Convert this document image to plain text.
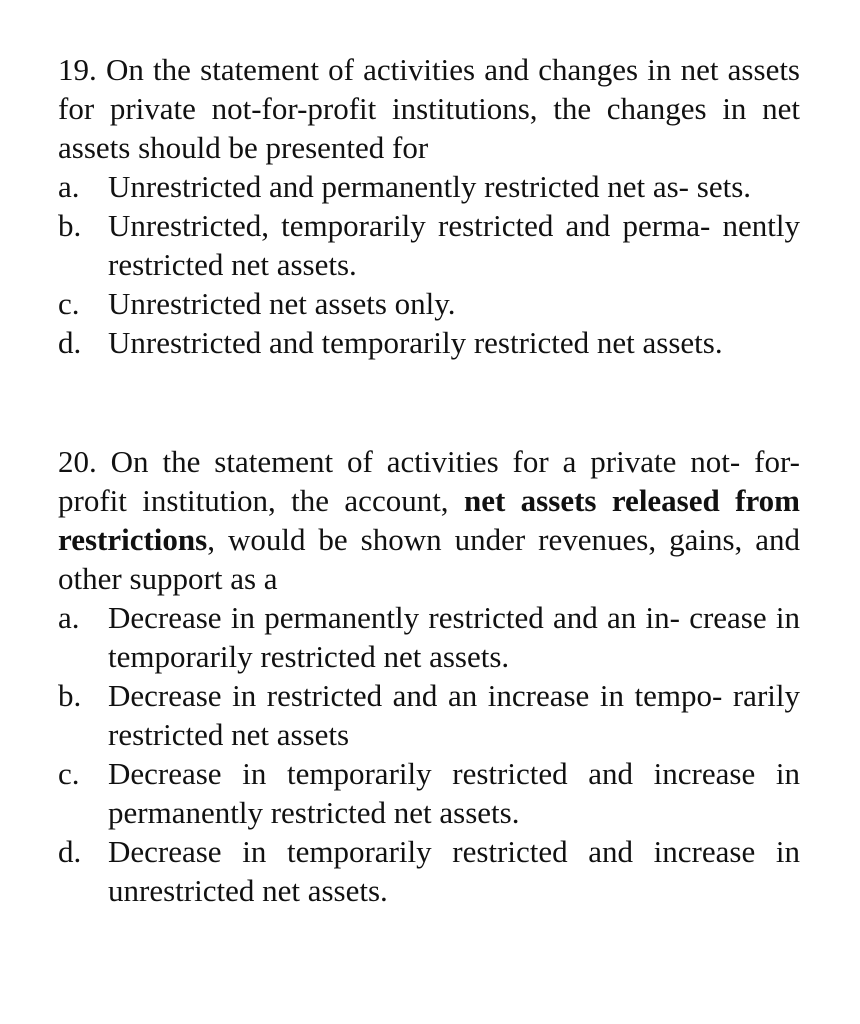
19. On the statement of activities and changes in net assets for private not-for-profit institutions, the changes in net assets should be presented for

a. Unrestricted and permanently restricted net as- sets.
b. Unrestricted, temporarily restricted and perma- nently restricted net assets.
c. Unrestricted net assets only.
d. Unrestricted and temporarily restricted net assets.

20. On the statement of activities for a private not- for-profit institution, the account, net assets released from restrictions, would be shown under revenues, gains, and other support as a

a. Decrease in permanently restricted and an in- crease in temporarily restricted net assets.
b. Decrease in restricted and an increase in tempo- rarily restricted net assets
c. Decrease in temporarily restricted and increase in permanently restricted net assets.
d. Decrease in temporarily restricted and increase in unrestricted net assets.
